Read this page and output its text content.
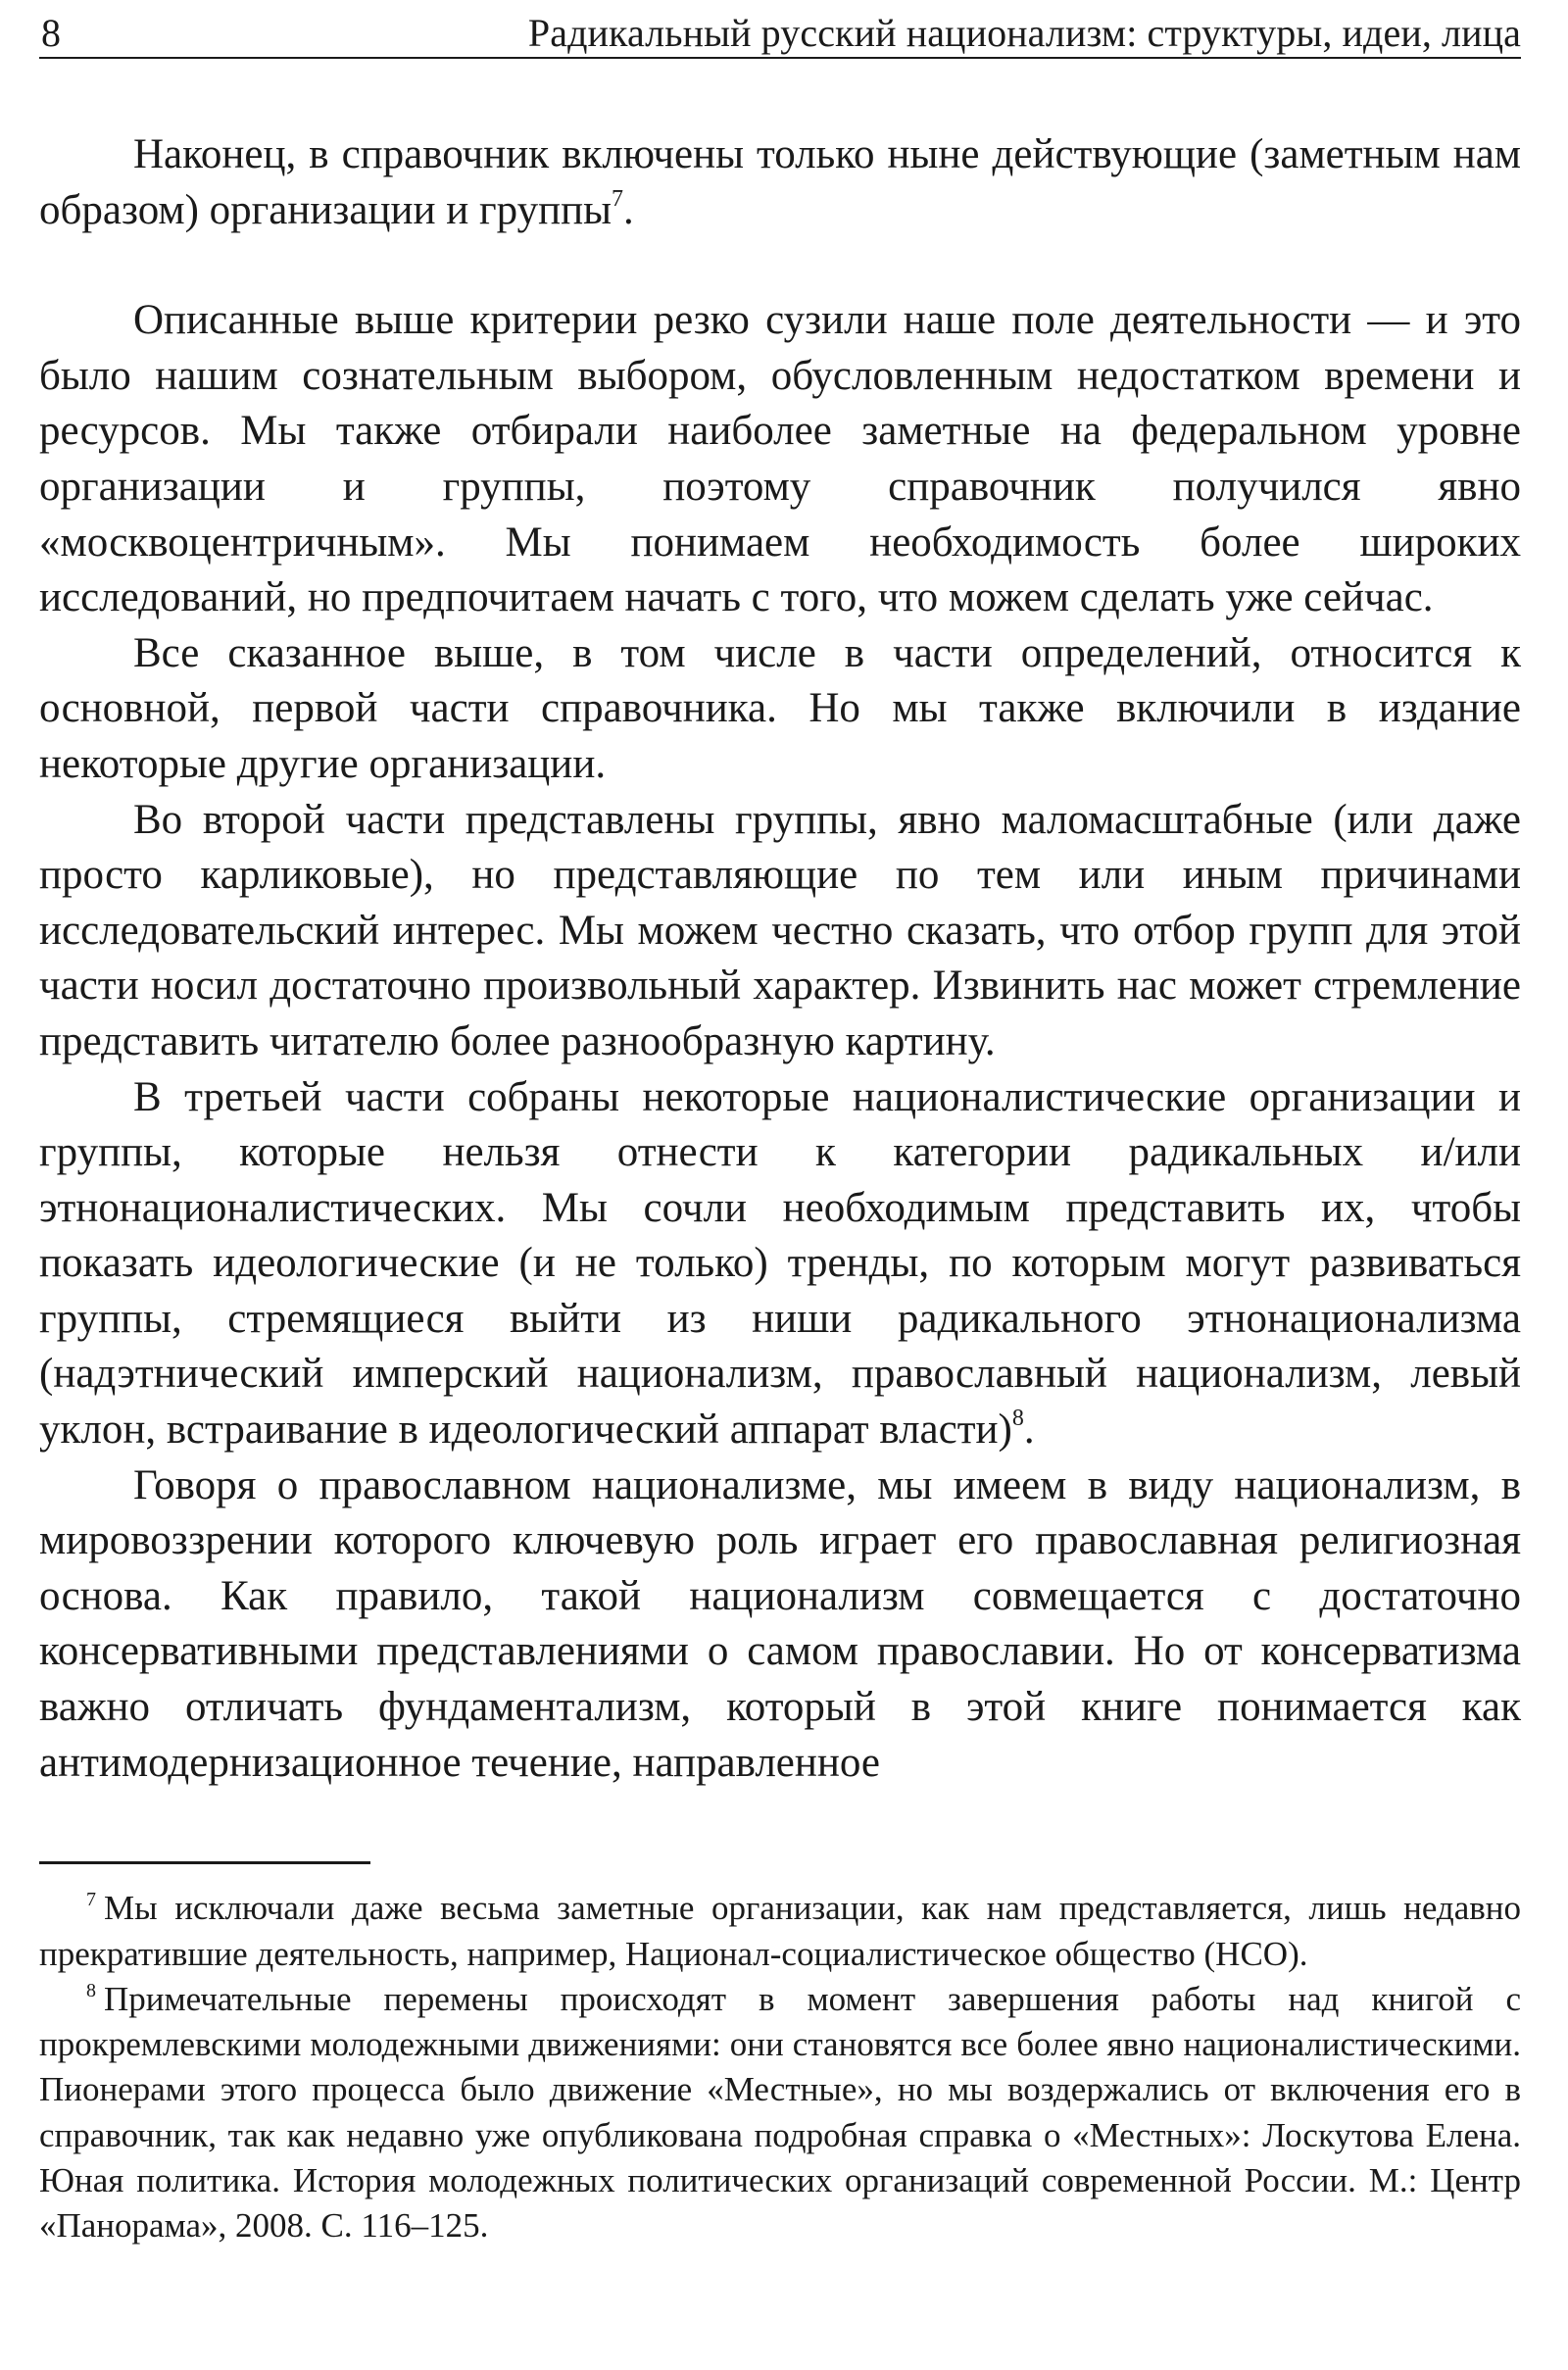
8	Радикальный русский национализм: структуры, идеи, лица

Наконец, в справочник включены только ныне действующие (заметным нам образом) организации и группы$^7$.

Описанные выше критерии резко сузили наше поле деятельности — и это было нашим сознательным выбором, обусловленным недостатком времени и ресурсов. Мы также отбирали наиболее заметные на федеральном уровне организации и группы, поэтому справочник получился явно «москвоцентричным». Мы понимаем необходимость более широких исследований, но предпочитаем начать с того, что можем сделать уже сейчас.

Все сказанное выше, в том числе в части определений, относится к основной, первой части справочника. Но мы также включили в издание некоторые другие организации.

Во второй части представлены группы, явно маломасштабные (или даже просто карликовые), но представляющие по тем или иным причинами исследовательский интерес. Мы можем честно сказать, что отбор групп для этой части носил достаточно произвольный характер. Извинить нас может стремление представить читателю более разнообразную картину.

В третьей части собраны некоторые националистические организации и группы, которые нельзя отнести к категории радикальных и/или этнонационалистических. Мы сочли необходимым представить их, чтобы показать идеологические (и не только) тренды, по которым могут развиваться группы, стремящиеся выйти из ниши радикального этнонационализма (надэтнический имперский национализм, православный национализм, левый уклон, встраивание в идеологический аппарат власти)$^8$.

Говоря о православном национализме, мы имеем в виду национализм, в мировоззрении которого ключевую роль играет его православная религиозная основа. Как правило, такой национализм совмещается с достаточно консервативными представлениями о самом православии. Но от консерватизма важно отличать фундаментализм, который в этой книге понимается как антимодернизационное течение, направленное

$^7$ Мы исключали даже весьма заметные организации, как нам представляется, лишь недавно прекратившие деятельность, например, Национал-социалистическое общество (НСО).

$^8$ Примечательные перемены происходят в момент завершения работы над книгой с прокремлевскими молодежными движениями: они становятся все более явно националистическими. Пионерами этого процесса было движение «Местные», но мы воздержались от включения его в справочник, так как недавно уже опубликована подробная справка о «Местных»: Лоскутова Елена. Юная политика. История молодежных политических организаций современной России. М.: Центр «Панорама», 2008. С. 116–125.
